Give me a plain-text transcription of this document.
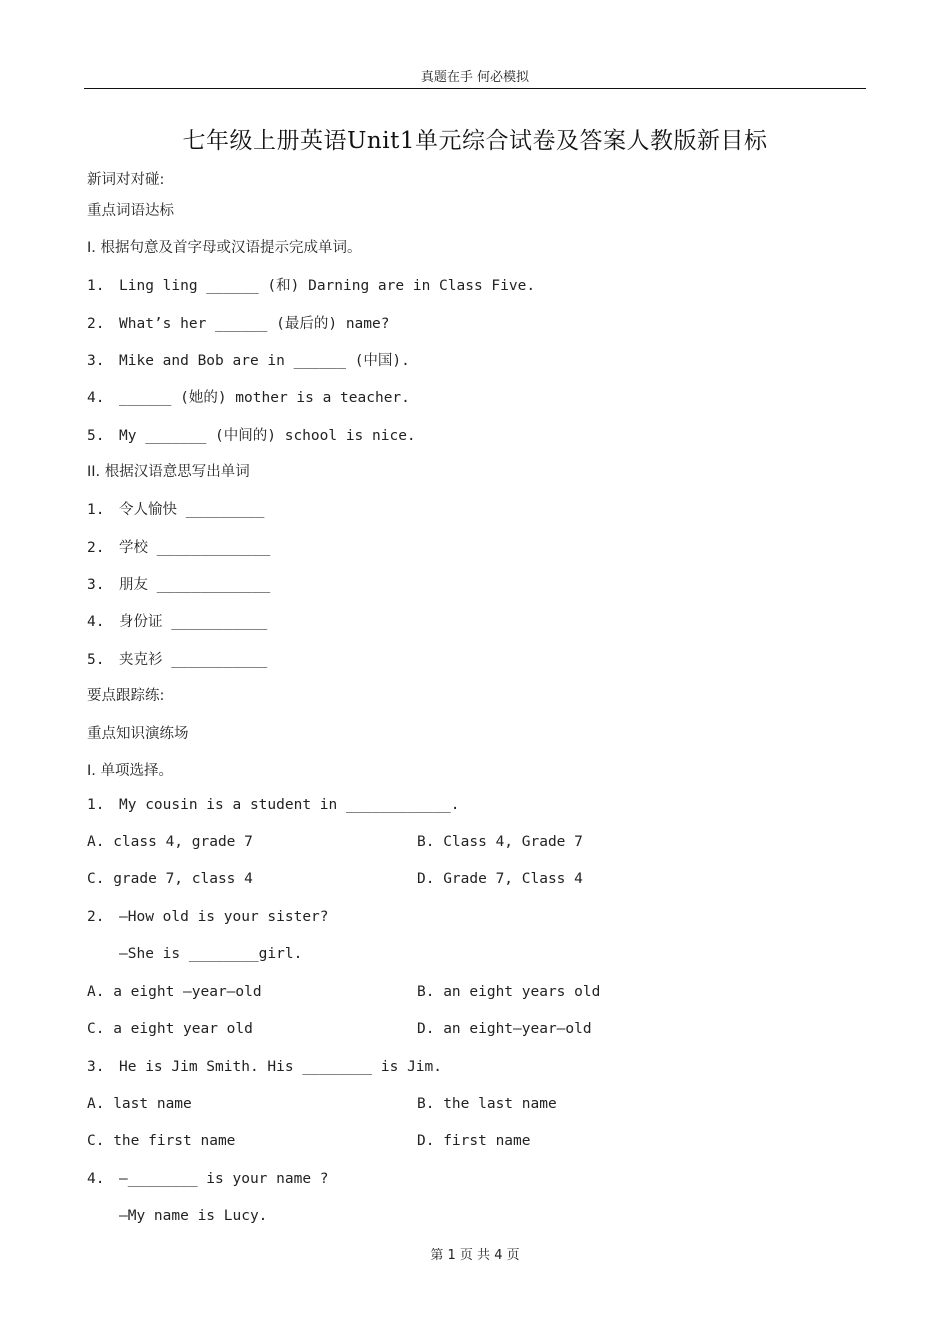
真题在手 何必模拟
七年级上册英语Unit1单元综合试卷及答案人教版新目标
新词对对碰:
重点词语达标
I. 根据句意及首字母或汉语提示完成单词。
1. Ling ling ______ (和) Darning are in Class Five.
2. What’s her ______ (最后的) name?
3. Mike and Bob are in ______ (中国).
4. ______ (她的) mother is a teacher.
5. My _______ (中间的) school is nice.
II. 根据汉语意思写出单词
1. 令人愉快 _________
2. 学校 _____________
3. 朋友 _____________
4. 身份证 ___________
5. 夹克衫 ___________
要点跟踪练:
重点知识演练场
I. 单项选择。
1. My cousin is a student in ____________.
A. class 4, grade 7	B. Class 4, Grade 7
C. grade 7, class 4	D. Grade 7, Class 4
2. —How old is your sister?
—She is ________girl.
A. a eight —year—old	B. an eight years old
C. a eight year old	D. an eight—year—old
3. He is Jim Smith. His ________ is Jim.
A. last name	B. the last name
C. the first name	D. first name
4. —________ is your name ?
—My name is Lucy.
第 1 页 共 4 页
